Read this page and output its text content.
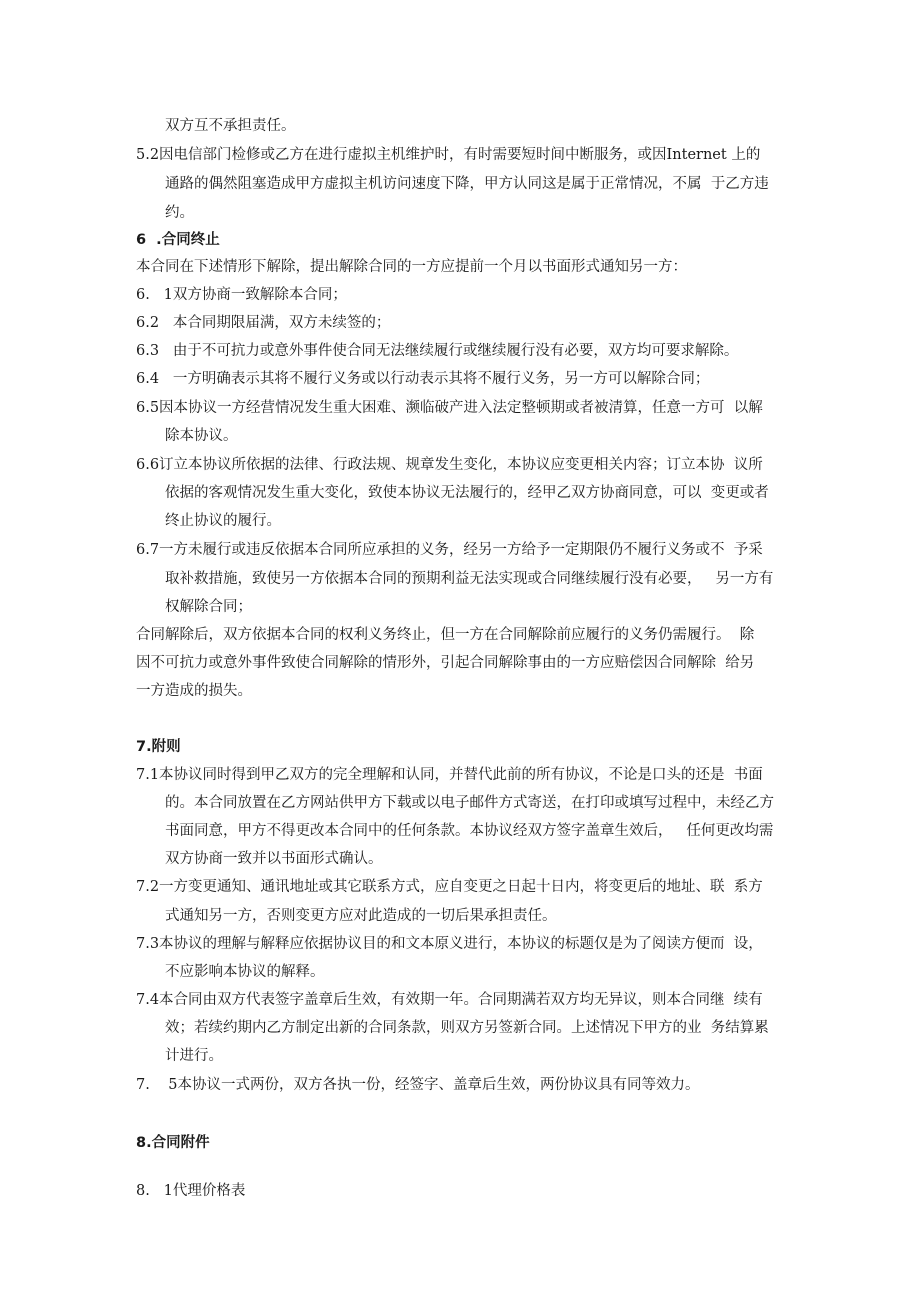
双方互不承担责任。
5.2因电信部门检修或乙方在进行虚拟主机维护时，有时需要短时间中断服务，或因Internet 上的
通路的偶然阻塞造成甲方虚拟主机访问速度下降，甲方认同这是属于正常情况，不属  于乙方违
约。
6  .合同终止
本合同在下述情形下解除，提出解除合同的一方应提前一个月以书面形式通知另一方：
6.   1双方协商一致解除本合同；
6.2   本合同期限届满，双方未续签的；
6.3   由于不可抗力或意外事件使合同无法继续履行或继续履行没有必要，双方均可要求解除。
6.4   一方明确表示其将不履行义务或以行动表示其将不履行义务，另一方可以解除合同；
6.5因本协议一方经营情况发生重大困难、濒临破产进入法定整顿期或者被清算，任意一方可  以解
除本协议。
6.6订立本协议所依据的法律、行政法规、规章发生变化，本协议应变更相关内容；订立本协  议所
依据的客观情况发生重大变化，致使本协议无法履行的，经甲乙双方协商同意，可以  变更或者
终止协议的履行。
6.7一方未履行或违反依据本合同所应承担的义务，经另一方给予一定期限仍不履行义务或不  予采
取补救措施，致使另一方依据本合同的预期利益无法实现或合同继续履行没有必要，   另一方有
权解除合同；
合同解除后，双方依据本合同的权利义务终止，但一方在合同解除前应履行的义务仍需履行。  除
因不可抗力或意外事件致使合同解除的情形外，引起合同解除事由的一方应赔偿因合同解除  给另
一方造成的损失。
7.附则
7.1本协议同时得到甲乙双方的完全理解和认同，并替代此前的所有协议，不论是口头的还是  书面
的。本合同放置在乙方网站供甲方下载或以电子邮件方式寄送，在打印或填写过程中，未经乙方
书面同意，甲方不得更改本合同中的任何条款。本协议经双方签字盖章生效后，   任何更改均需
双方协商一致并以书面形式确认。
7.2一方变更通知、通讯地址或其它联系方式，应自变更之日起十日内，将变更后的地址、联  系方
式通知另一方，否则变更方应对此造成的一切后果承担责任。
7.3本协议的理解与解释应依据协议目的和文本原义进行，本协议的标题仅是为了阅读方便而  设，
不应影响本协议的解释。
7.4本合同由双方代表签字盖章后生效，有效期一年。合同期满若双方均无异议，则本合同继  续有
效；若续约期内乙方制定出新的合同条款，则双方另签新合同。上述情况下甲方的业  务结算累
计进行。
7.    5本协议一式两份，双方各执一份，经签字、盖章后生效，两份协议具有同等效力。
8.合同附件
8.   1代理价格表
